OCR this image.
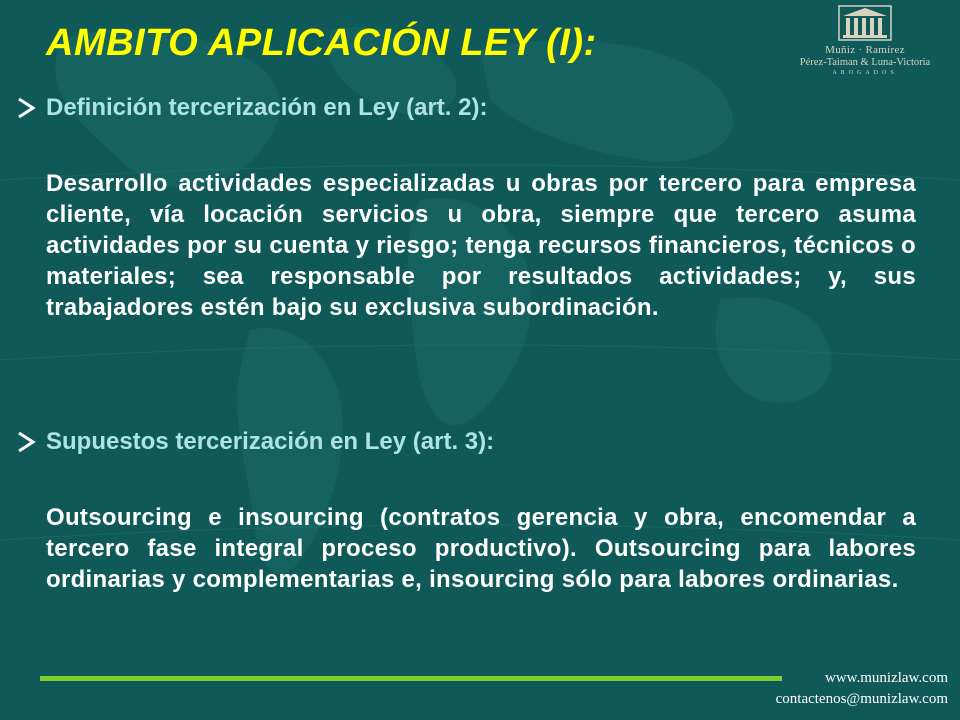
AMBITO APLICACIÓN LEY (I):	Muñiz · Ramírez
Pérez-Taiman & Luna-Victoria
ABOGADOS
Definición tercerización en Ley (art. 2):

Desarrollo actividades especializadas u obras por tercero para empresa cliente, vía locación servicios u obra, siempre que tercero asuma actividades por su cuenta y riesgo; tenga recursos financieros, técnicos o materiales; sea responsable por resultados actividades; y, sus trabajadores estén bajo su exclusiva subordinación.

Supuestos tercerización en Ley (art. 3):

Outsourcing e insourcing (contratos gerencia y obra, encomendar a tercero fase integral proceso productivo). Outsourcing para labores ordinarias y complementarias e, insourcing sólo para labores ordinarias.

www.munizlaw.com
contactenos@munizlaw.com
